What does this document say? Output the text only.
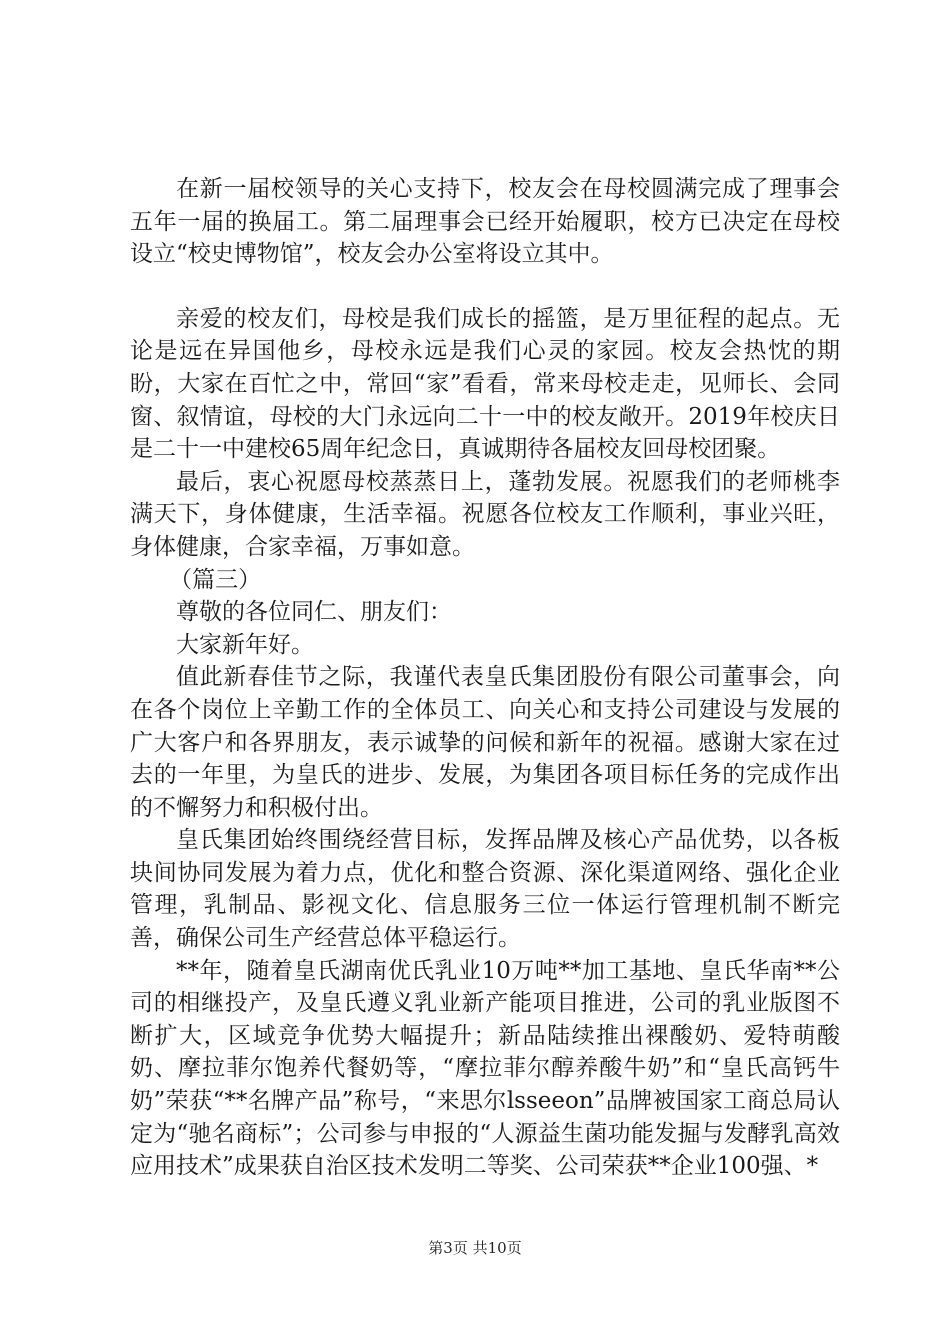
在新一届校领导的关心支持下，校友会在母校圆满完成了理事会五年一届的换届工。第二届理事会已经开始履职，校方已决定在母校设立“校史博物馆”，校友会办公室将设立其中。

亲爱的校友们，母校是我们成长的摇篮，是万里征程的起点。无论是远在异国他乡，母校永远是我们心灵的家园。校友会热忱的期盼，大家在百忙之中，常回“家”看看，常来母校走走，见师长、会同窗、叙情谊，母校的大门永远向二十一中的校友敞开。2019年校庆日是二十一中建校65周年纪念日，真诚期待各届校友回母校团聚。

最后，衷心祝愿母校蒸蒸日上，蓬勃发展。祝愿我们的老师桃李满天下，身体健康，生活幸福。祝愿各位校友工作顺利，事业兴旺，身体健康，合家幸福，万事如意。

（篇三）

尊敬的各位同仁、朋友们：

大家新年好。

值此新春佳节之际，我谨代表皇氏集团股份有限公司董事会，向在各个岗位上辛勤工作的全体员工、向关心和支持公司建设与发展的广大客户和各界朋友，表示诚挚的问候和新年的祝福。感谢大家在过去的一年里，为皇氏的进步、发展，为集团各项目标任务的完成作出的不懈努力和积极付出。

皇氏集团始终围绕经营目标，发挥品牌及核心产品优势，以各板块间协同发展为着力点，优化和整合资源、深化渠道网络、强化企业管理，乳制品、影视文化、信息服务三位一体运行管理机制不断完善，确保公司生产经营总体平稳运行。

**年，随着皇氏湖南优氏乳业10万吨**加工基地、皇氏华南**公司的相继投产，及皇氏遵义乳业新产能项目推进，公司的乳业版图不断扩大，区域竞争优势大幅提升；新品陆续推出裸酸奶、爱特萌酸奶、摩拉菲尔饱养代餐奶等，“摩拉菲尔醇养酸牛奶”和“皇氏高钙牛奶”荣获“**名牌产品”称号，“来思尔lsseeon”品牌被国家工商总局认定为“驰名商标”；公司参与申报的“人源益生菌功能发掘与发酵乳高效应用技术”成果获自治区技术发明二等奖、公司荣获**企业100强、*

第3页 共10页
